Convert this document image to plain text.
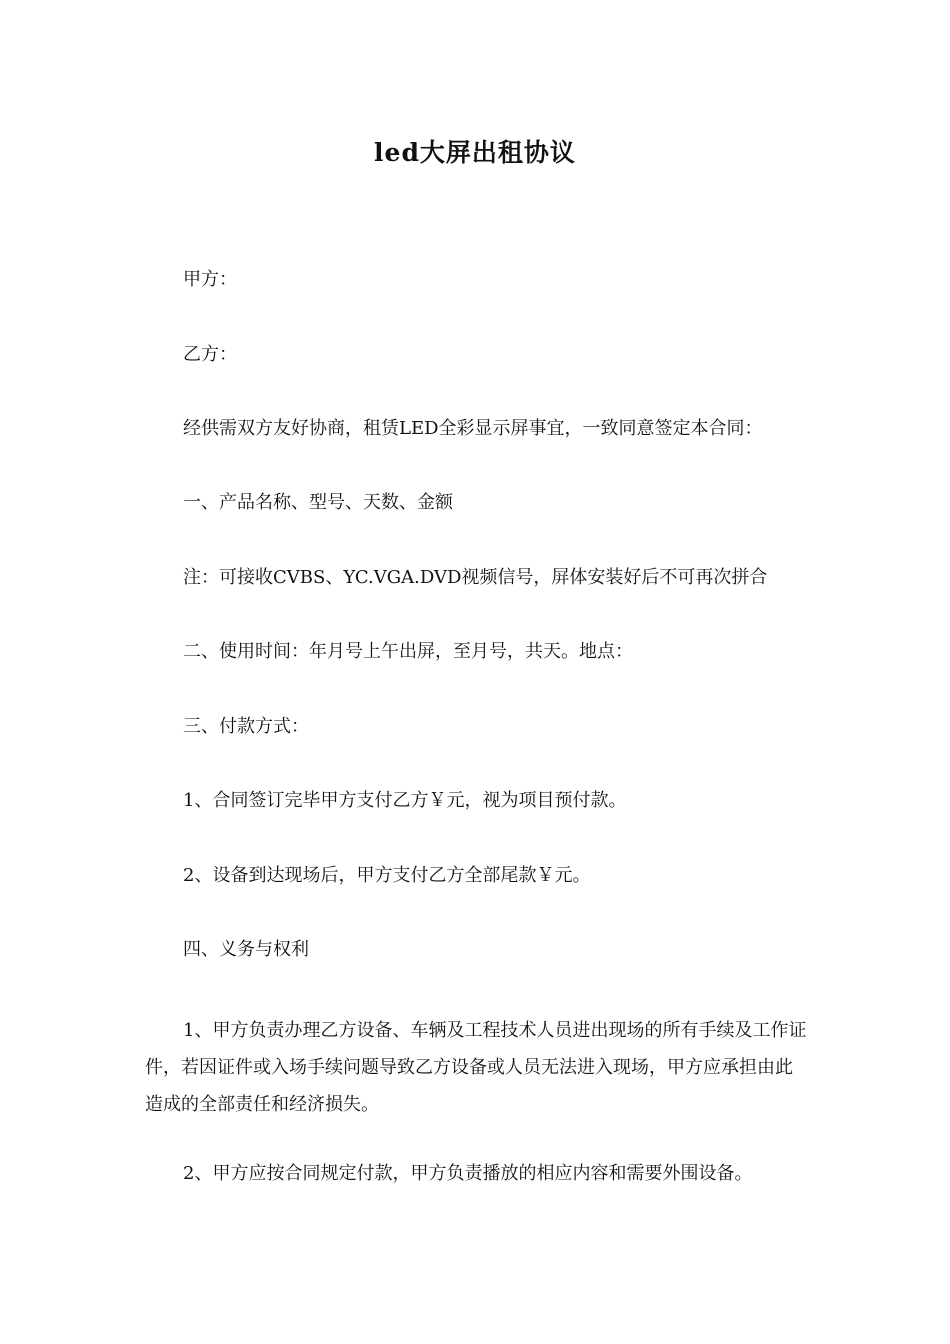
led大屏出租协议

甲方：

乙方：

经供需双方友好协商，租赁LED全彩显示屏事宜，一致同意签定本合同：

一、产品名称、型号、天数、金额

注：可接收CVBS、YC.VGA.DVD视频信号，屏体安装好后不可再次拼合

二、使用时间：年月号上午出屏，至月号，共天。地点：

三、付款方式：

1、合同签订完毕甲方支付乙方￥元，视为项目预付款。

2、设备到达现场后，甲方支付乙方全部尾款￥元。

四、义务与权利

1、甲方负责办理乙方设备、车辆及工程技术人员进出现场的所有手续及工作证件，若因证件或入场手续问题导致乙方设备或人员无法进入现场，甲方应承担由此造成的全部责任和经济损失。

2、甲方应按合同规定付款，甲方负责播放的相应内容和需要外围设备。
